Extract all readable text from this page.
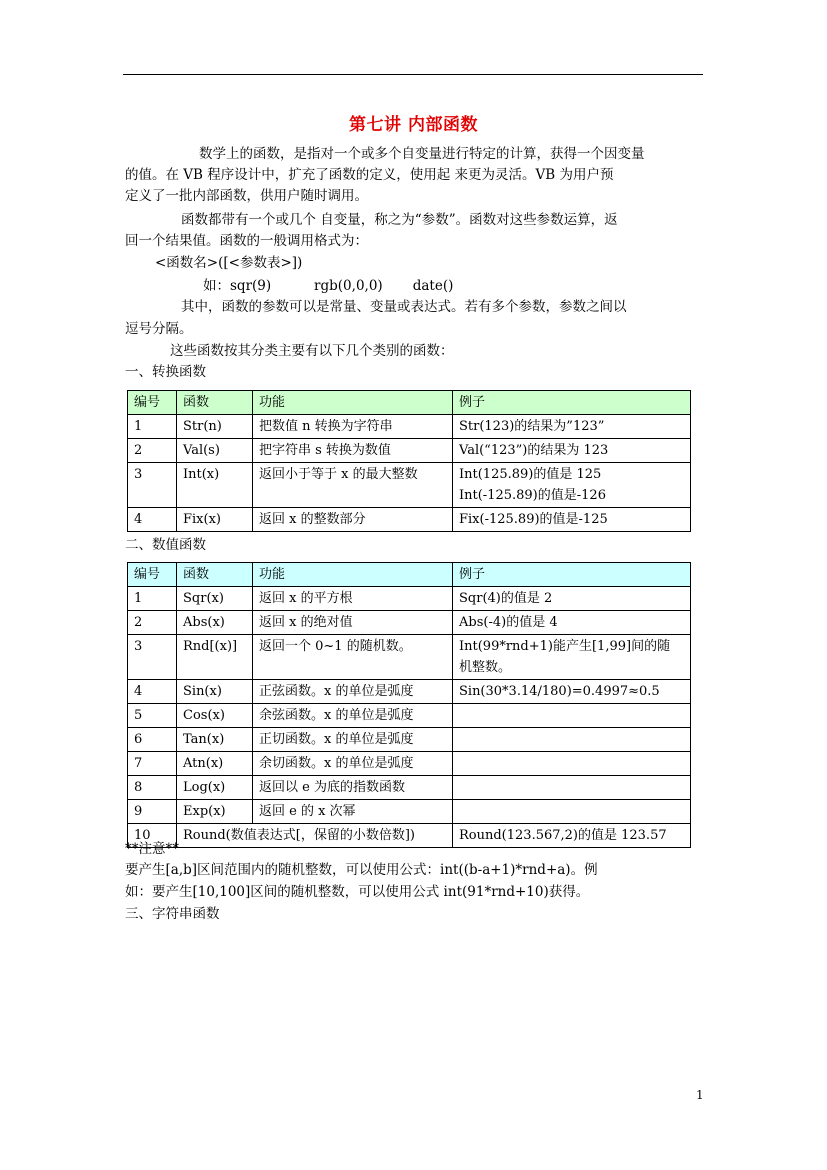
第七讲 内部函数
数学上的函数，是指对一个或多个自变量进行特定的计算，获得一个因变量
的值。在 VB 程序设计中，扩充了函数的定义，使用起 来更为灵活。VB 为用户预
定义了一批内部函数，供用户随时调用。
函数都带有一个或几个 自变量，称之为“参数”。函数对这些参数运算，返
回一个结果值。函数的一般调用格式为：
<函数名>([<参数表>])
如：sqr(9)          rgb(0,0,0)       date()
其中，函数的参数可以是常量、变量或表达式。若有多个参数，参数之间以
逗号分隔。
这些函数按其分类主要有以下几个类别的函数：
一、转换函数
编号	函数	功能	例子
1	Str(n)	把数值 n 转换为字符串	Str(123)的结果为”123”
2	Val(s)	把字符串 s 转换为数值	Val(“123”)的结果为 123
3	Int(x)	返回小于等于 x 的最大整数	Int(125.89)的值是 125
Int(-125.89)的值是-126

4	Fix(x)	返回 x 的整数部分	Fix(-125.89)的值是-125
二、数值函数
编号	函数	功能	例子
1	Sqr(x)	返回 x 的平方根	Sqr(4)的值是 2
2	Abs(x)	返回 x 的绝对值	Abs(-4)的值是 4
3	Rnd[(x)]	返回一个 0~1 的随机数。	Int(99*rnd+1)能产生[1,99]间的随
机整数。

4	Sin(x)	正弦函数。x 的单位是弧度	Sin(30*3.14/180)=0.4997≈0.5
5	Cos(x)	余弦函数。x 的单位是弧度	
6	Tan(x)	正切函数。x 的单位是弧度	
7	Atn(x)	余切函数。x 的单位是弧度	
8	Log(x)	返回以 e 为底的指数函数	
9	Exp(x)	返回 e 的 x 次幂	
10	Round(数值表达式[，保留的小数倍数])		Round(123.567,2)的值是 123.57
**注意**
要产生[a,b]区间范围内的随机整数，可以使用公式：int((b-a+1)*rnd+a)。例
如：要产生[10,100]区间的随机整数，可以使用公式 int(91*rnd+10)获得。
三、字符串函数
1
